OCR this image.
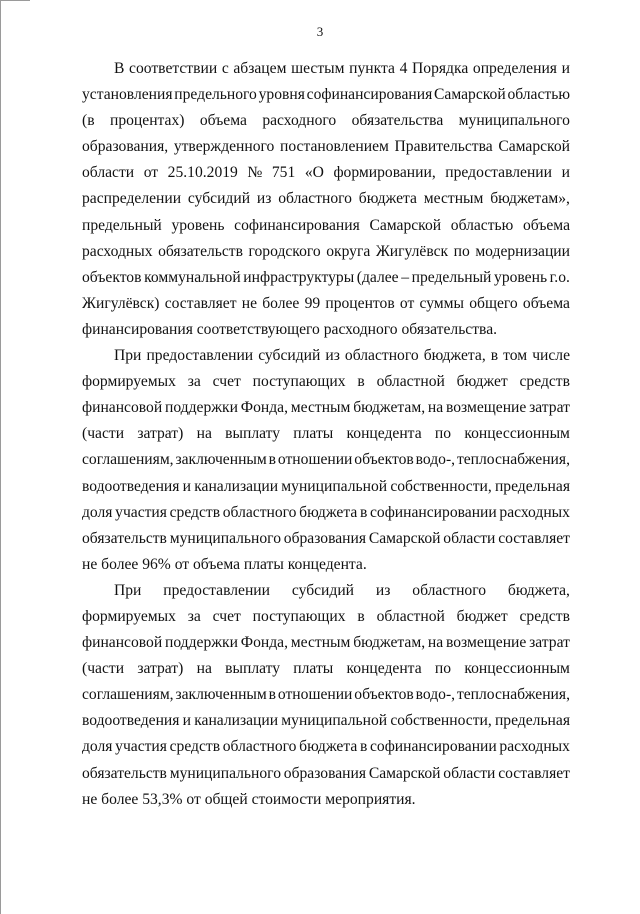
3
В соответствии с абзацем шестым пункта 4 Порядка определения и
установления предельного уровня софинансирования Самарской областью
(в процентах) объема расходного обязательства муниципального
образования, утвержденного постановлением Правительства Самарской
области от 25.10.2019 № 751 «О формировании, предоставлении и
распределении субсидий из областного бюджета местным бюджетам»,
предельный уровень софинансирования Самарской областью объема
расходных обязательств городского округа Жигулёвск по модернизации
объектов коммунальной инфраструктуры (далее – предельный уровень г.о.
Жигулёвск) составляет не более 99 процентов от суммы общего объема
финансирования соответствующего расходного обязательства.
При предоставлении субсидий из областного бюджета, в том числе
формируемых за счет поступающих в областной бюджет средств
финансовой поддержки Фонда, местным бюджетам, на возмещение затрат
(части затрат) на выплату платы концедента по концессионным
соглашениям, заключенным в отношении объектов водо-, теплоснабжения,
водоотведения и канализации муниципальной собственности, предельная
доля участия средств областного бюджета в софинансировании расходных
обязательств муниципального образования Самарской области составляет
не более 96% от объема платы концедента.
При предоставлении субсидий из областного бюджета,
формируемых за счет поступающих в областной бюджет средств
финансовой поддержки Фонда, местным бюджетам, на возмещение затрат
(части затрат) на выплату платы концедента по концессионным
соглашениям, заключенным в отношении объектов водо-, теплоснабжения,
водоотведения и канализации муниципальной собственности, предельная
доля участия средств областного бюджета в софинансировании расходных
обязательств муниципального образования Самарской области составляет
не более 53,3% от общей стоимости мероприятия.
